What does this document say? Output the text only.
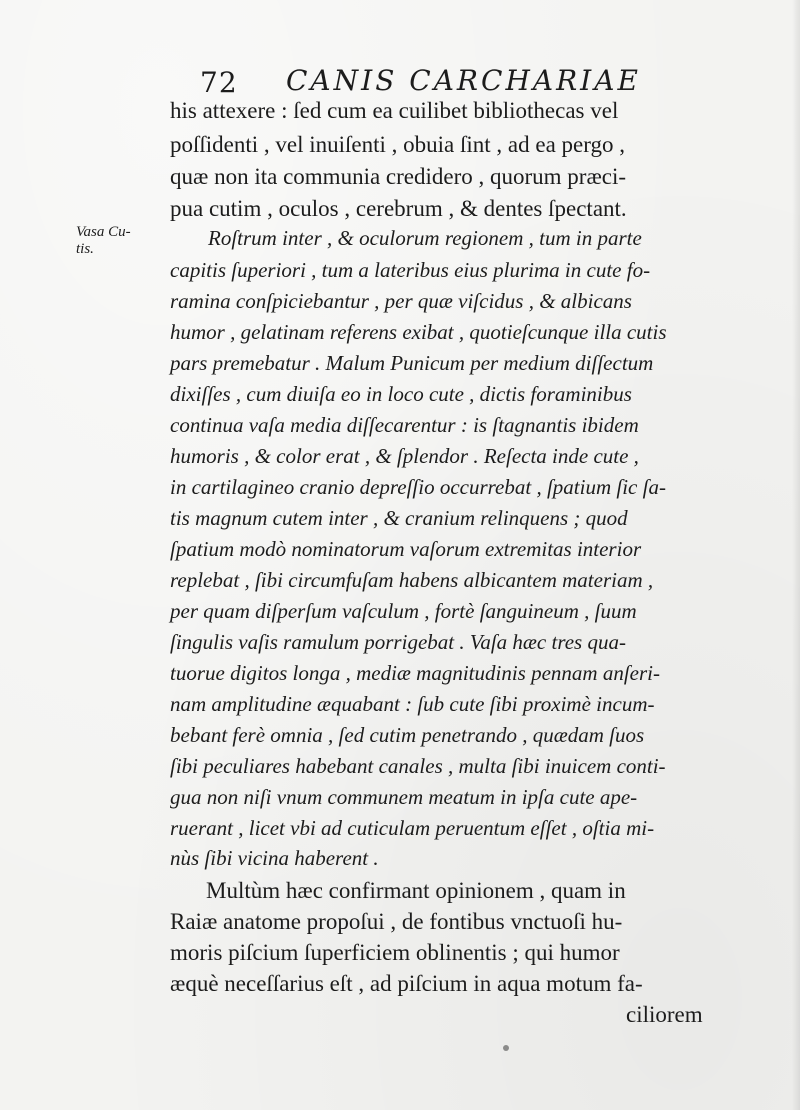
72 CANIS CARCHARIAE
Vasa Cu-
tis.
his attexere : ſed cum ea cuilibet bibliothecas vel
poſſidenti , vel inuiſenti , obuia ſint , ad ea pergo ,
quæ non ita communia credidero , quorum præci-
pua cutim , oculos , cerebrum , & dentes ſpectant.
Roſtrum inter , & oculorum regionem , tum in parte
capitis ſuperiori , tum a lateribus eius plurima in cute fo-
ramina conſpiciebantur , per quæ viſcidus , & albicans
humor , gelatinam referens exibat , quotieſcunque illa cutis
pars premebatur . Malum Punicum per medium diſſectum
dixiſſes , cum diuiſa eo in loco cute , dictis foraminibus
continua vaſa media diſſecarentur : is ſtagnantis ibidem
humoris , & color erat , & ſplendor . Reſecta inde cute ,
in cartilagineo cranio depreſſio occurrebat , ſpatium ſic ſa-
tis magnum cutem inter , & cranium relinquens ; quod
ſpatium modò nominatorum vaſorum extremitas interior
replebat , ſibi circumfuſam habens albicantem materiam ,
per quam diſperſum vaſculum , fortè ſanguineum , ſuum
ſingulis vaſis ramulum porrigebat . Vaſa hæc tres qua-
tuorue digitos longa , mediæ magnitudinis pennam anſeri-
nam amplitudine æquabant : ſub cute ſibi proximè incum-
bebant ferè omnia , ſed cutim penetrando , quædam ſuos
ſibi peculiares habebant canales , multa ſibi inuicem conti-
gua non niſi vnum communem meatum in ipſa cute ape-
ruerant , licet vbi ad cuticulam peruentum eſſet , oſtia mi-
nùs ſibi vicina haberent .
Multùm hæc confirmant opinionem , quam in
Raiæ anatome propoſui , de fontibus vnctuoſi hu-
moris piſcium ſuperficiem oblinentis ; qui humor
æquè neceſſarius eſt , ad piſcium in aqua motum fa-
ciliorem
